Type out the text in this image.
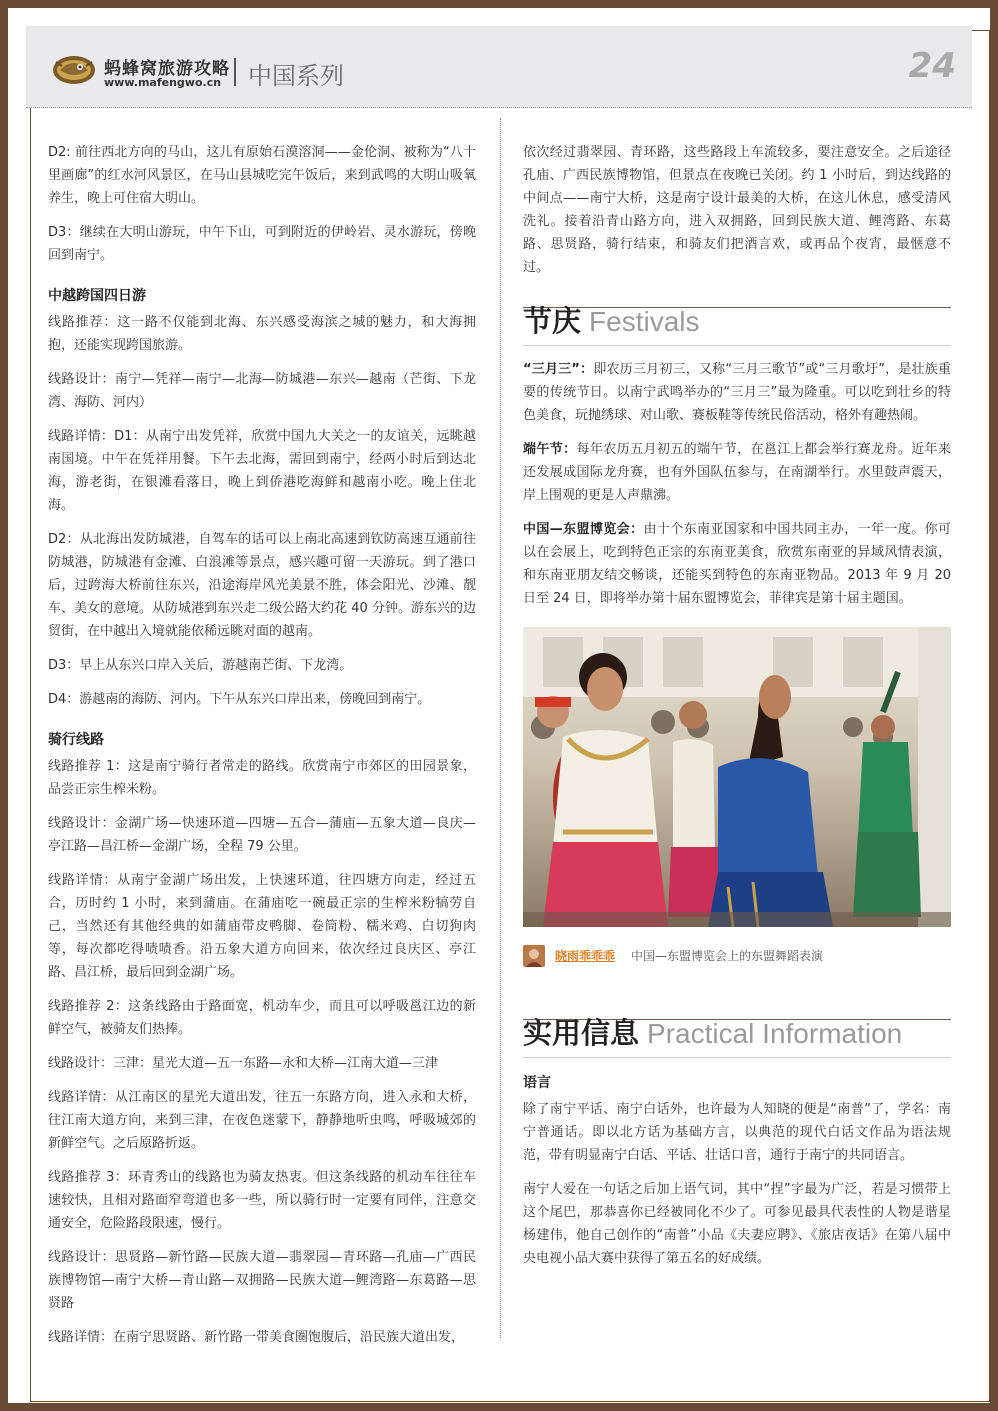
蚂蜂窝旅游攻略
www.mafengwo.cn 中国系列	24

D2: 前往西北方向的马山，这儿有原始石漠溶洞——金伦洞、被称为“八十里画廊”的红水河风景区，在马山县城吃完午饭后，来到武鸣的大明山吸氧养生，晚上可住宿大明山。

D3：继续在大明山游玩，中午下山，可到附近的伊岭岩、灵水游玩，傍晚回到南宁。

中越跨国四日游

线路推荐：这一路不仅能到北海、东兴感受海滨之城的魅力，和大海拥抱，还能实现跨国旅游。

线路设计：南宁—凭祥—南宁—北海—防城港—东兴—越南（芒街、下龙湾、海防、河内）

线路详情：D1：从南宁出发凭祥，欣赏中国九大关之一的友谊关，远眺越南国境。中午在凭祥用餐。下午去北海，需回到南宁，经两小时后到达北海，游老街，在银滩看落日，晚上到侨港吃海鲜和越南小吃。晚上住北海。

D2：从北海出发防城港，自驾车的话可以上南北高速到钦防高速互通前往防城港，防城港有金滩、白浪滩等景点，感兴趣可留一天游玩。到了港口后，过跨海大桥前往东兴，沿途海岸风光美景不胜，体会阳光、沙滩、靓车、美女的意境。从防城港到东兴走二级公路大约花 40 分钟。游东兴的边贸街，在中越出入境就能依稀远眺对面的越南。

D3：早上从东兴口岸入关后，游越南芒街、下龙湾。

D4：游越南的海防、河内。下午从东兴口岸出来，傍晚回到南宁。

骑行线路

线路推荐 1：这是南宁骑行者常走的路线。欣赏南宁市郊区的田园景象，品尝正宗生榨米粉。

线路设计：金湖广场—快速环道—四塘—五合—蒲庙—五象大道—良庆—亭江路—昌江桥—金湖广场，全程 79 公里。

线路详情：从南宁金湖广场出发，上快速环道，往四塘方向走，经过五合，历时约 1 小时，来到蒲庙。在蒲庙吃一碗最正宗的生榨米粉犒劳自己，当然还有其他经典的如蒲庙带皮鸭脚、卷筒粉、糯米鸡、白切狗肉等，每次都吃得啧啧香。沿五象大道方向回来，依次经过良庆区、亭江路、昌江桥，最后回到金湖广场。

线路推荐 2：这条线路由于路面宽，机动车少，而且可以呼吸邕江边的新鲜空气，被骑友们热捧。

线路设计：三津：星光大道—五一东路—永和大桥—江南大道—三津

线路详情：从江南区的星光大道出发，往五一东路方向，进入永和大桥，往江南大道方向，来到三津，在夜色迷蒙下，静静地听虫鸣，呼吸城郊的新鲜空气。之后原路折返。

线路推荐 3：环青秀山的线路也为骑友热衷。但这条线路的机动车往往车速较快，且相对路面窄弯道也多一些，所以骑行时一定要有同伴，注意交通安全，危险路段限速，慢行。

线路设计：思贤路—新竹路—民族大道—翡翠园—青环路—孔庙—广西民族博物馆—南宁大桥—青山路—双拥路—民族大道—鲤湾路—东葛路—思贤路

线路详情：在南宁思贤路、新竹路一带美食圈饱腹后，沿民族大道出发，

依次经过翡翠园、青环路，这些路段上车流较多，要注意安全。之后途径孔庙、广西民族博物馆，但景点在夜晚已关闭。约 1 小时后，到达线路的中间点——南宁大桥，这是南宁设计最美的大桥，在这儿休息，感受清风洗礼。接着沿青山路方向，进入双拥路，回到民族大道、鲤湾路、东葛路、思贤路，骑行结束，和骑友们把酒言欢，或再品个夜宵，最惬意不过。

节庆 Festivals

“三月三”：即农历三月初三，又称“三月三歌节”或“三月歌圩”，是壮族重要的传统节日。以南宁武鸣举办的“三月三”最为隆重。可以吃到壮乡的特色美食，玩抛绣球、对山歌、赛板鞋等传统民俗活动，格外有趣热闹。

端午节：每年农历五月初五的端午节，在邕江上都会举行赛龙舟。近年来还发展成国际龙舟赛，也有外国队伍参与，在南湖举行。水里鼓声震天，岸上围观的更是人声鼎沸。

中国—东盟博览会：由十个东南亚国家和中国共同主办，一年一度。你可以在会展上，吃到特色正宗的东南亚美食，欣赏东南亚的异域风情表演，和东南亚朋友结交畅谈，还能买到特色的东南亚物品。2013 年 9 月 20 日至 24 日，即将举办第十届东盟博览会，菲律宾是第十届主题国。

晓雨乖乖乖 中国—东盟博览会上的东盟舞蹈表演
实用信息 Practical Information
语言

除了南宁平话、南宁白话外，也许最为人知晓的便是“南普”了，学名：南宁普通话。即以北方话为基础方言，以典范的现代白话文作品为语法规范，带有明显南宁白话、平话、壮话口音，通行于南宁的共同语言。

南宁人爱在一句话之后加上语气词，其中“捏”字最为广泛，若是习惯带上这个尾巴，那恭喜你已经被同化不少了。可参见最具代表性的人物是谐星杨建伟，他自己创作的“南普”小品《夫妻应聘》、《旅店夜话》在第八届中央电视小品大赛中获得了第五名的好成绩。
